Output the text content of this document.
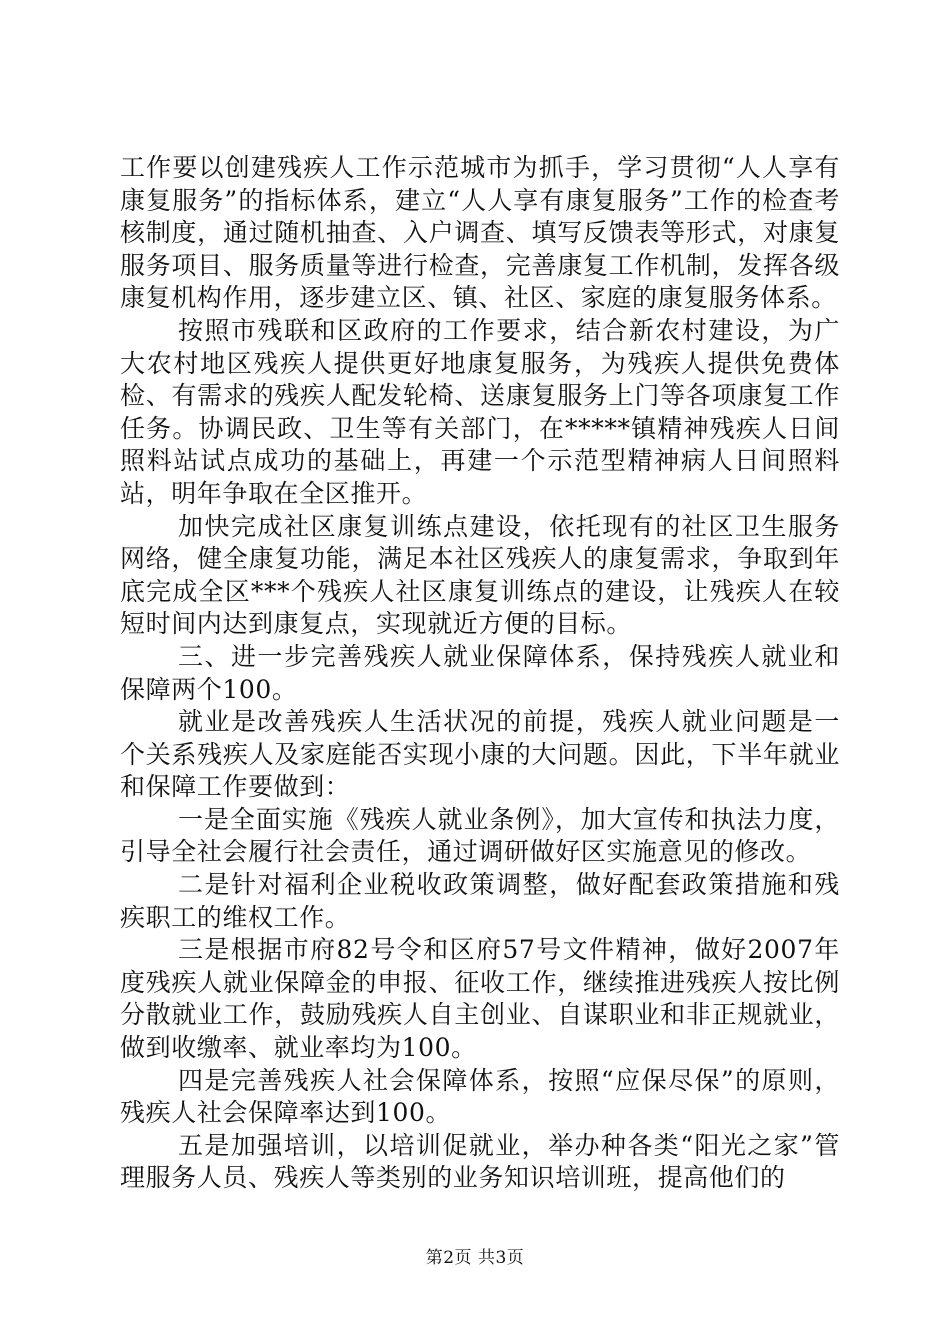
工作要以创建残疾人工作示范城市为抓手，学习贯彻“人人享有康复服务”的指标体系，建立“人人享有康复服务”工作的检查考核制度，通过随机抽查、入户调查、填写反馈表等形式，对康复服务项目、服务质量等进行检查，完善康复工作机制，发挥各级康复机构作用，逐步建立区、镇、社区、家庭的康复服务体系。

按照市残联和区政府的工作要求，结合新农村建设，为广大农村地区残疾人提供更好地康复服务，为残疾人提供免费体检、有需求的残疾人配发轮椅、送康复服务上门等各项康复工作任务。协调民政、卫生等有关部门，在*****镇精神残疾人日间照料站试点成功的基础上，再建一个示范型精神病人日间照料站，明年争取在全区推开。

加快完成社区康复训练点建设，依托现有的社区卫生服务网络，健全康复功能，满足本社区残疾人的康复需求，争取到年底完成全区***个残疾人社区康复训练点的建设，让残疾人在较短时间内达到康复点，实现就近方便的目标。

三、进一步完善残疾人就业保障体系，保持残疾人就业和保障两个100。

就业是改善残疾人生活状况的前提，残疾人就业问题是一个关系残疾人及家庭能否实现小康的大问题。因此，下半年就业和保障工作要做到：

一是全面实施《残疾人就业条例》，加大宣传和执法力度，引导全社会履行社会责任，通过调研做好区实施意见的修改。

二是针对福利企业税收政策调整，做好配套政策措施和残疾职工的维权工作。

三是根据市府82号令和区府57号文件精神，做好2007年度残疾人就业保障金的申报、征收工作，继续推进残疾人按比例分散就业工作，鼓励残疾人自主创业、自谋职业和非正规就业，做到收缴率、就业率均为100。

四是完善残疾人社会保障体系，按照“应保尽保”的原则，残疾人社会保障率达到100。

五是加强培训，以培训促就业，举办种各类“阳光之家”管理服务人员、残疾人等类别的业务知识培训班，提高他们的

第2页 共3页
